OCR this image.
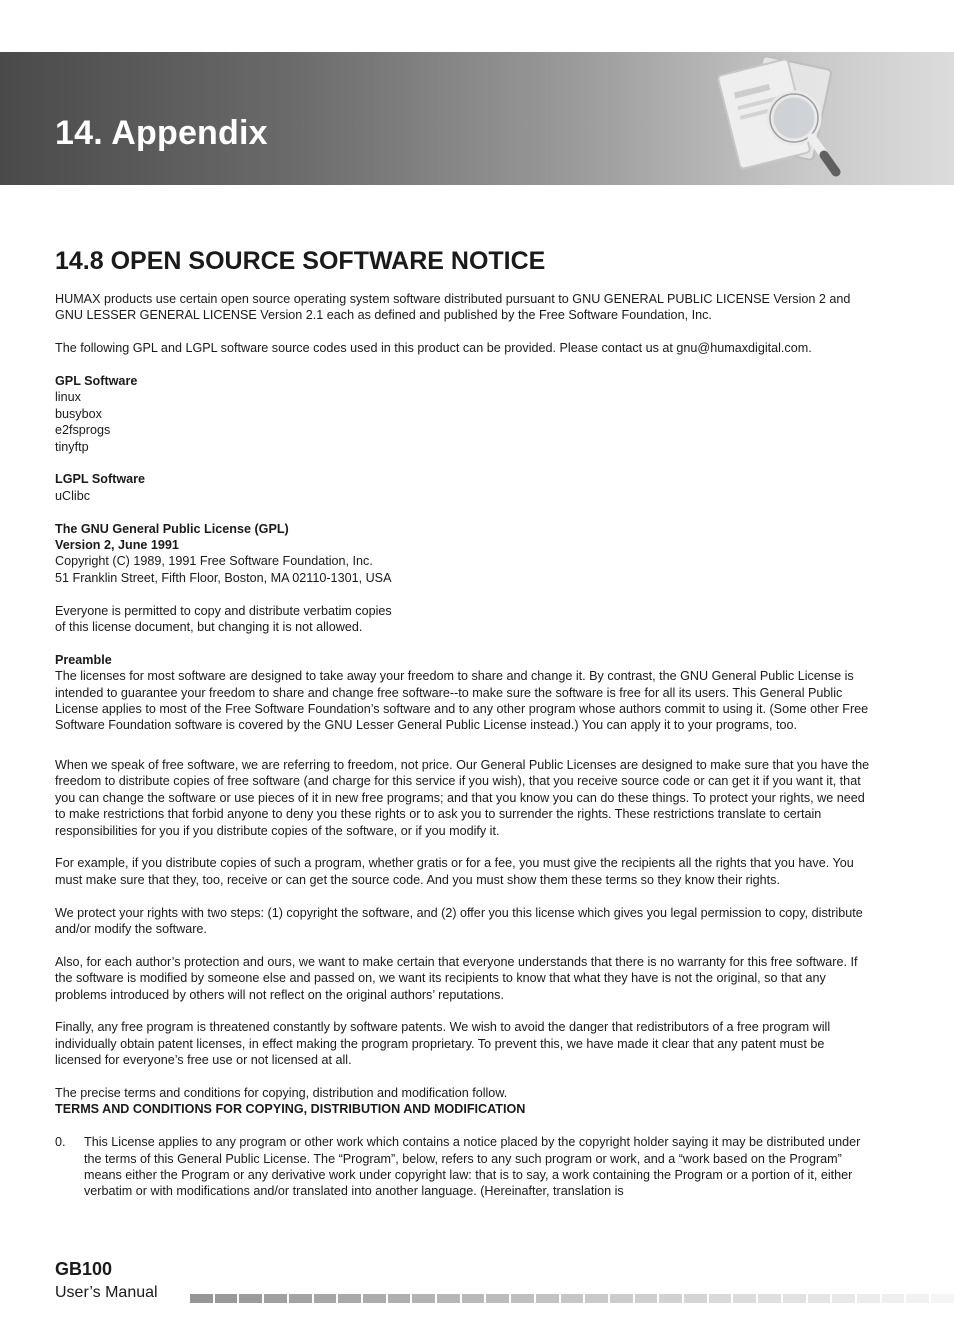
14. Appendix
14.8 OPEN SOURCE SOFTWARE NOTICE

HUMAX products use certain open source operating system software distributed pursuant to GNU GENERAL PUBLIC LICENSE Version 2 and GNU LESSER GENERAL LICENSE Version 2.1 each as defined and published by the Free Software Foundation, Inc.

The following GPL and LGPL software source codes used in this product can be provided. Please contact us at gnu@humaxdigital.com.

GPL Software
linux
busybox
e2fsprogs
tinyftp

LGPL Software
uClibc

The GNU General Public License (GPL)
Version 2, June 1991
Copyright (C) 1989, 1991 Free Software Foundation, Inc.
51 Franklin Street, Fifth Floor, Boston, MA 02110-1301, USA

Everyone is permitted to copy and distribute verbatim copies
of this license document, but changing it is not allowed.

Preamble
The licenses for most software are designed to take away your freedom to share and change it. By contrast, the GNU General Public License is intended to guarantee your freedom to share and change free software--to make sure the software is free for all its users. This General Public License applies to most of the Free Software Foundation’s software and to any other program whose authors commit to using it. (Some other Free Software Foundation software is covered by the GNU Lesser General Public License instead.) You can apply it to your programs, too.

When we speak of free software, we are referring to freedom, not price. Our General Public Licenses are designed to make sure that you have the freedom to distribute copies of free software (and charge for this service if you wish), that you receive source code or can get it if you want it, that you can change the software or use pieces of it in new free programs; and that you know you can do these things. To protect your rights, we need to make restrictions that forbid anyone to deny you these rights or to ask you to surrender the rights. These restrictions translate to certain responsibilities for you if you distribute copies of the software, or if you modify it.

For example, if you distribute copies of such a program, whether gratis or for a fee, you must give the recipients all the rights that you have. You must make sure that they, too, receive or can get the source code. And you must show them these terms so they know their rights.

We protect your rights with two steps: (1) copyright the software, and (2) offer you this license which gives you legal permission to copy, distribute and/or modify the software.

Also, for each author’s protection and ours, we want to make certain that everyone understands that there is no warranty for this free software. If the software is modified by someone else and passed on, we want its recipients to know that what they have is not the original, so that any problems introduced by others will not reflect on the original authors’ reputations.

Finally, any free program is threatened constantly by software patents. We wish to avoid the danger that redistributors of a free program will individually obtain patent licenses, in effect making the program proprietary. To prevent this, we have made it clear that any patent must be licensed for everyone’s free use or not licensed at all.

The precise terms and conditions for copying, distribution and modification follow.
TERMS AND CONDITIONS FOR COPYING, DISTRIBUTION AND MODIFICATION

0.	This License applies to any program or other work which contains a notice placed by the copyright holder saying it may be distributed under the terms of this General Public License. The “Program”, below, refers to any such program or work, and a “work based on the Program” means either the Program or any derivative work under copyright law: that is to say, a work containing the Program or a portion of it, either verbatim or with modifications and/or translated into another language. (Hereinafter, translation is
GB100
User’s Manual
